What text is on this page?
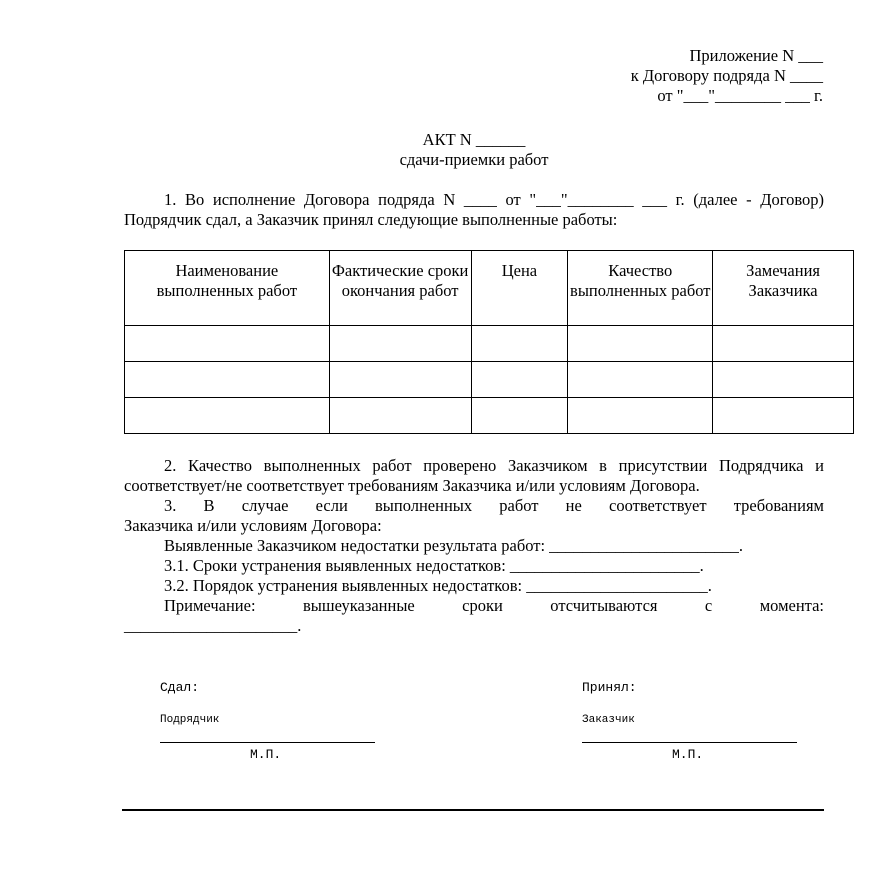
Приложение N ___
к Договору подряда N ____
от "___"________ ___ г.
АКТ N ______
сдачи-приемки работ
1. Во исполнение Договора подряда N ____ от "___"________ ___ г. (далее - Договор)
Подрядчик сдал, а Заказчик принял следующие выполненные работы:
Наименование выполненных работ	Фактические сроки окончания работ	Цена	Качество выполненных работ	Замечания Заказчика

2. Качество выполненных работ проверено Заказчиком в присутствии Подрядчика и
соответствует/не соответствует требованиям Заказчика и/или условиям Договора.
3. В случае если выполненных работ не соответствует требованиям
Заказчика и/или условиям Договора:
Выявленные Заказчиком недостатки результата работ: _______________________.
3.1. Сроки устранения выявленных недостатков: _______________________.
3.2. Порядок устранения выявленных недостатков: ______________________.
Примечание: вышеуказанные сроки отсчитываются с момента:
_____________________.
Сдал:
Подрядчик
М.П.
Принял:
Заказчик
М.П.
